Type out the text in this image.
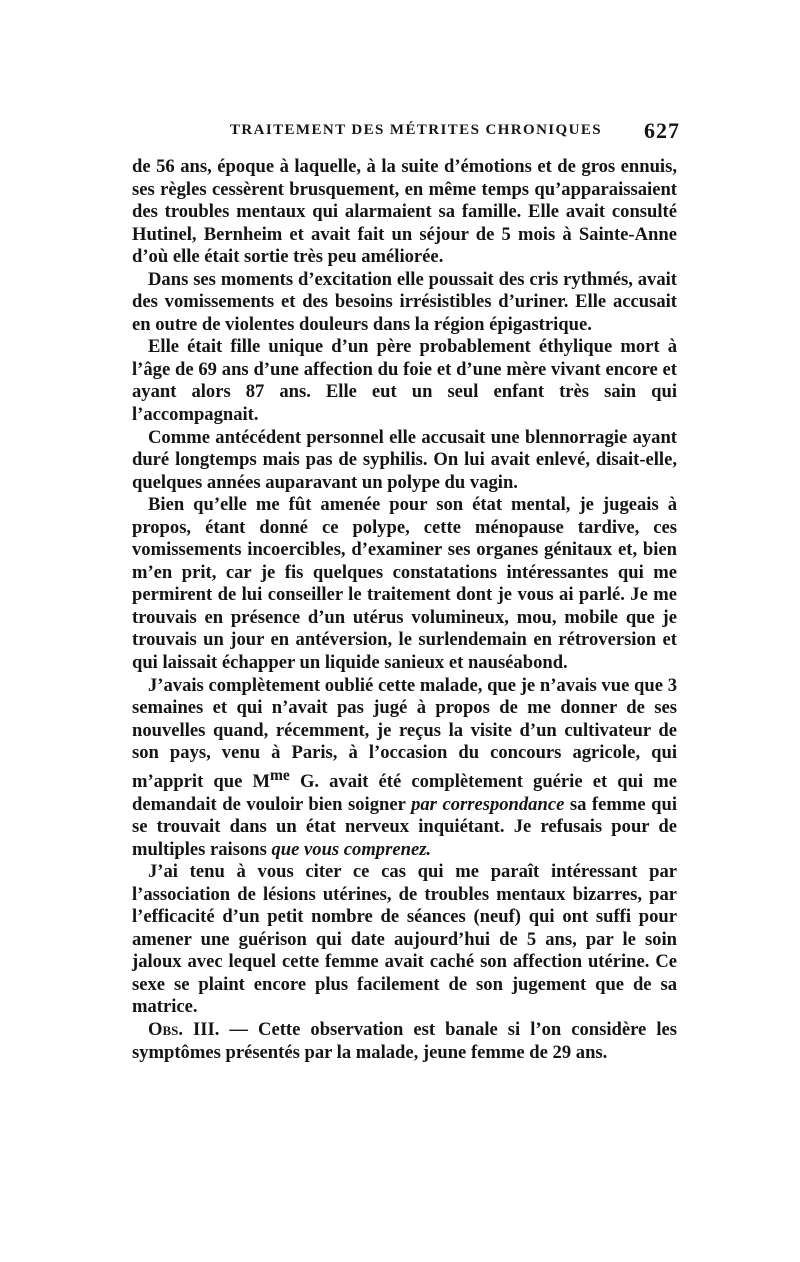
TRAITEMENT DES MÉTRITES CHRONIQUES 627

de 56 ans, époque à laquelle, à la suite d’émotions et de gros ennuis, ses règles cessèrent brusquement, en même temps qu’apparaissaient des troubles mentaux qui alarmaient sa famille. Elle avait consulté Hutinel, Bernheim et avait fait un séjour de 5 mois à Sainte-Anne d’où elle était sortie très peu améliorée.

Dans ses moments d’excitation elle poussait des cris rythmés, avait des vomissements et des besoins irrésistibles d’uriner. Elle accusait en outre de violentes douleurs dans la région épigastrique.

Elle était fille unique d’un père probablement éthylique mort à l’âge de 69 ans d’une affection du foie et d’une mère vivant encore et ayant alors 87 ans. Elle eut un seul enfant très sain qui l’accompagnait.

Comme antécédent personnel elle accusait une blennorragie ayant duré longtemps mais pas de syphilis. On lui avait enlevé, disait-elle, quelques années auparavant un polype du vagin.

Bien qu’elle me fût amenée pour son état mental, je jugeais à propos, étant donné ce polype, cette ménopause tardive, ces vomissements incoercibles, d’examiner ses organes génitaux et, bien m’en prit, car je fis quelques constatations intéressantes qui me permirent de lui conseiller le traitement dont je vous ai parlé. Je me trouvais en présence d’un utérus volumineux, mou, mobile que je trouvais un jour en antéversion, le surlendemain en rétroversion et qui laissait échapper un liquide sanieux et nauséabond.

J’avais complètement oublié cette malade, que je n’avais vue que 3 semaines et qui n’avait pas jugé à propos de me donner de ses nouvelles quand, récemment, je reçus la visite d’un cultivateur de son pays, venu à Paris, à l’occasion du concours agricole, qui m’apprit que $M^{me}$ G. avait été complètement guérie et qui me demandait de vouloir bien soigner par correspondance sa femme qui se trouvait dans un état nerveux inquiétant. Je refusais pour de multiples raisons que vous comprenez.

J’ai tenu à vous citer ce cas qui me paraît intéressant par l’association de lésions utérines, de troubles mentaux bizarres, par l’efficacité d’un petit nombre de séances (neuf) qui ont suffi pour amener une guérison qui date aujourd’hui de 5 ans, par le soin jaloux avec lequel cette femme avait caché son affection utérine. Ce sexe se plaint encore plus facilement de son jugement que de sa matrice.

Obs. III. — Cette observation est banale si l’on considère les symptômes présentés par la malade, jeune femme de 29 ans.
